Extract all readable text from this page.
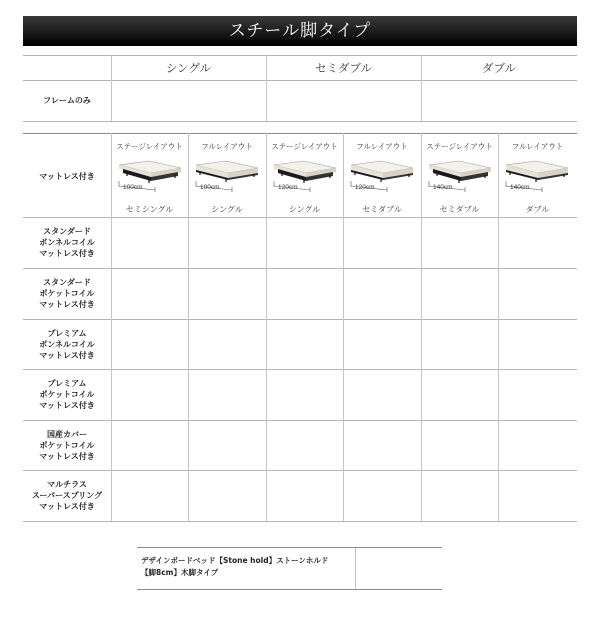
スチール脚タイプ
シングル	セミダブル	ダブル
フレームのみ
マットレス付き
ステージレイアウト
100cm
セミシングル
フルレイアウト
100cm
シングル
ステージレイアウト
120cm
シングル
フルレイアウト
120cm
セミダブル
ステージレイアウト
140cm
セミダブル
フルレイアウト
140cm
ダブル
スタンダード
ボンネルコイル
マットレス付き
スタンダード
ポケットコイル
マットレス付き
プレミアム
ボンネルコイル
マットレス付き
プレミアム
ポケットコイル
マットレス付き
国産カバー
ポケットコイル
マットレス付き
マルチラス
スーパースプリング
マットレス付き
デザインボードベッド【Stone hold】ストーンホルド
【脚8cm】木脚タイプ
